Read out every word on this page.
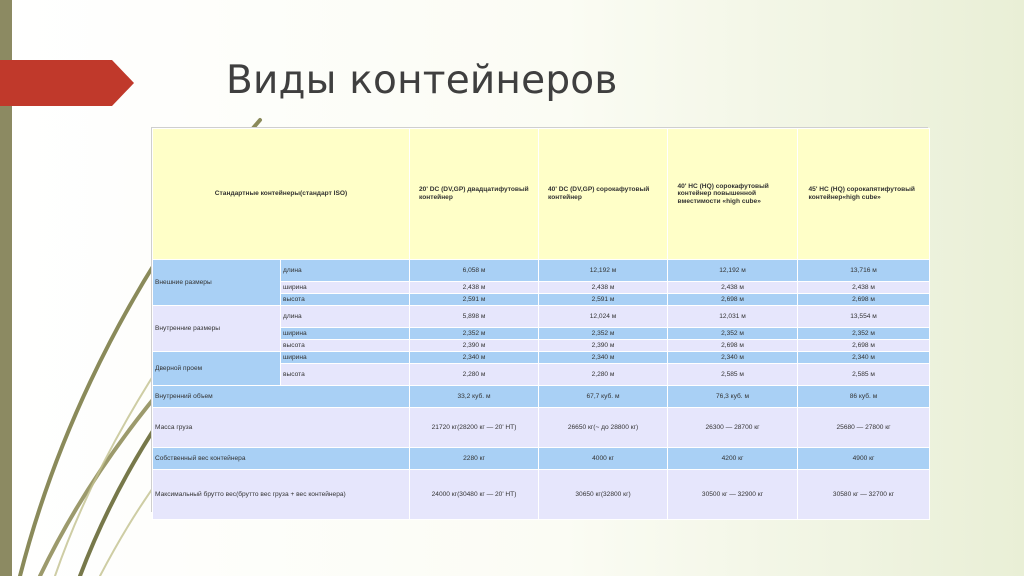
Виды контейнеров
Стандартные контейнеры(стандарт ISO)		20' DC (DV,GP) двадцатифутовый контейнер	40' DC (DV,GP) сорокафутовый контейнер	40' HC (HQ) сорокафутовый контейнер повышенной вместимости «high cube»	45' HC (HQ) сорокапятифутовый контейнер«high cube»
Внешние размеры	длина	6,058 м	12,192 м	12,192 м	13,716 м
	ширина	2,438 м	2,438 м	2,438 м	2,438 м
	высота	2,591 м	2,591 м	2,698 м	2,698 м
Внутренние размеры	длина	5,898 м	12,024 м	12,031 м	13,554 м
	ширина	2,352 м	2,352 м	2,352 м	2,352 м
	высота	2,390 м	2,390 м	2,698 м	2,698 м
Дверной проем	ширина	2,340 м	2,340 м	2,340 м	2,340 м
	высота	2,280 м	2,280 м	2,585 м	2,585 м
Внутренний объем		33,2 куб. м	67,7 куб. м	76,3 куб. м	86 куб. м
Масса груза		21720 кг(28200 кг — 20' HT)	26650 кг(~ до 28800 кг)	26300 — 28700 кг	25680 — 27800 кг
Собственный вес контейнера		2280 кг	4000 кг	4200 кг	4900 кг
Максимальный брутто вес(брутто вес груза + вес контейнера)		24000 кг(30480 кг — 20' HT)	30650 кг(32800 кг)	30500 кг — 32900 кг	30580 кг — 32700 кг
